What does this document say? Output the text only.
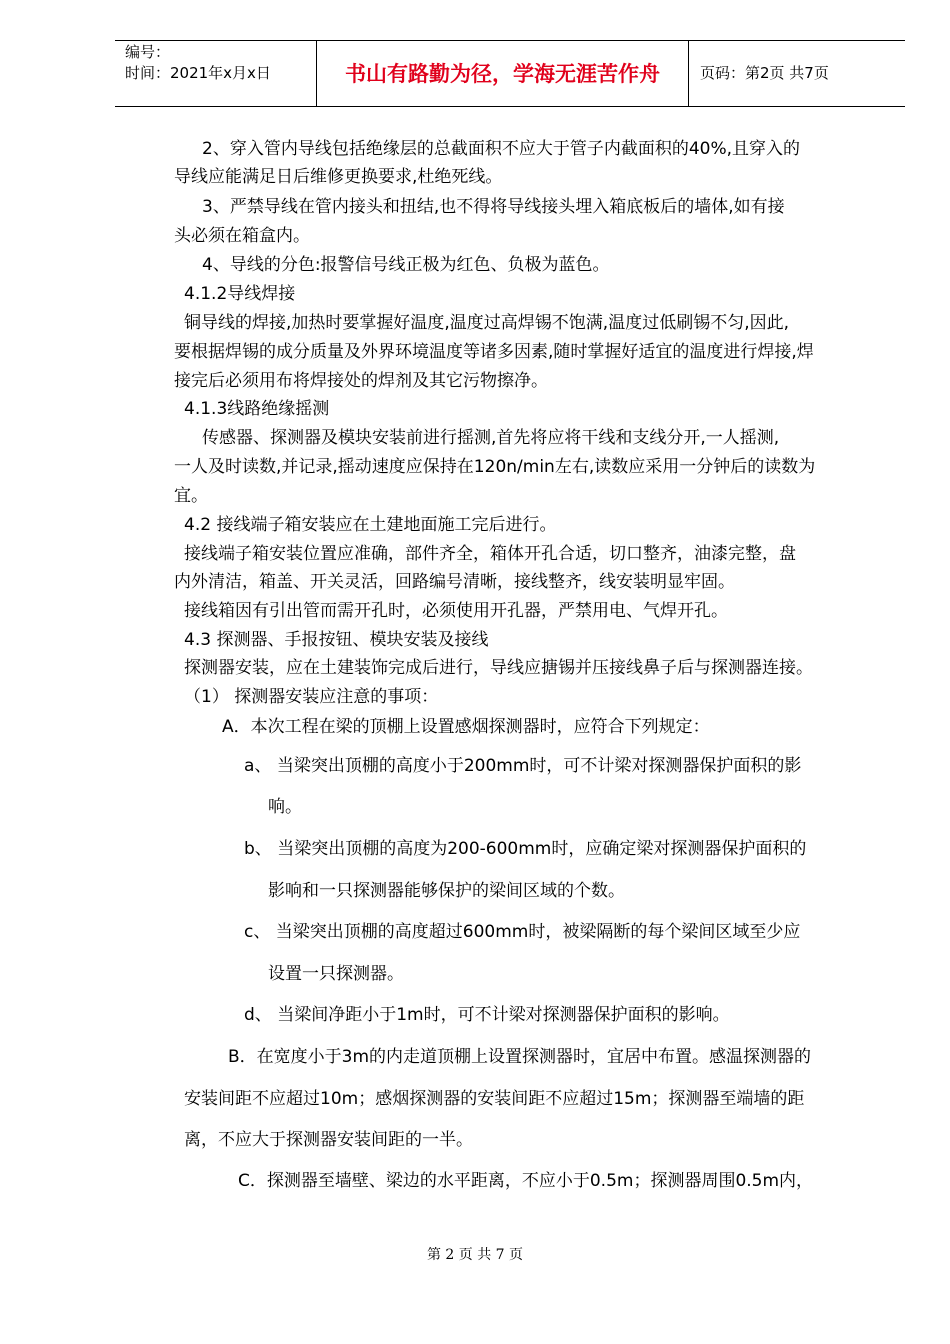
编号：
时间：2021年x月x日	书山有路勤为径，学海无涯苦作舟	页码：第2页 共7页
2、穿入管内导线包括绝缘层的总截面积不应大于管子内截面积的40%,且穿入的
导线应能满足日后维修更换要求,杜绝死线。
3、严禁导线在管内接头和扭结,也不得将导线接头埋入箱底板后的墙体,如有接
头必须在箱盒内。
4、导线的分色:报警信号线正极为红色、负极为蓝色。
4.1.2导线焊接
铜导线的焊接,加热时要掌握好温度,温度过高焊锡不饱满,温度过低刷锡不匀,因此,
要根据焊锡的成分质量及外界环境温度等诸多因素,随时掌握好适宜的温度进行焊接,焊
接完后必须用布将焊接处的焊剂及其它污物擦净。
4.1.3线路绝缘摇测
传感器、探测器及模块安装前进行摇测,首先将应将干线和支线分开,一人摇测,
一人及时读数,并记录,摇动速度应保持在120n/min左右,读数应采用一分钟后的读数为
宜。
4.2 接线端子箱安装应在土建地面施工完后进行。
接线端子箱安装位置应准确，部件齐全，箱体开孔合适，切口整齐，油漆完整，盘
内外清洁，箱盖、开关灵活，回路编号清晰，接线整齐，线安装明显牢固。
接线箱因有引出管而需开孔时，必须使用开孔器，严禁用电、气焊开孔。
4.3 探测器、手报按钮、模块安装及接线
探测器安装，应在土建装饰完成后进行，导线应搪锡并压接线鼻子后与探测器连接。
（1） 探测器安装应注意的事项：
A．本次工程在梁的顶棚上设置感烟探测器时，应符合下列规定：
a、 当梁突出顶棚的高度小于200mm时，可不计梁对探测器保护面积的影
响。
b、 当梁突出顶棚的高度为200-600mm时，应确定梁对探测器保护面积的
影响和一只探测器能够保护的梁间区域的个数。
c、 当梁突出顶棚的高度超过600mm时，被梁隔断的每个梁间区域至少应
设置一只探测器。
d、 当梁间净距小于1m时，可不计梁对探测器保护面积的影响。
B．在宽度小于3m的内走道顶棚上设置探测器时，宜居中布置。感温探测器的
安装间距不应超过10m；感烟探测器的安装间距不应超过15m；探测器至端墙的距
离，不应大于探测器安装间距的一半。
C．探测器至墙壁、梁边的水平距离，不应小于0.5m；探测器周围0.5m内，
第 2 页 共 7 页
